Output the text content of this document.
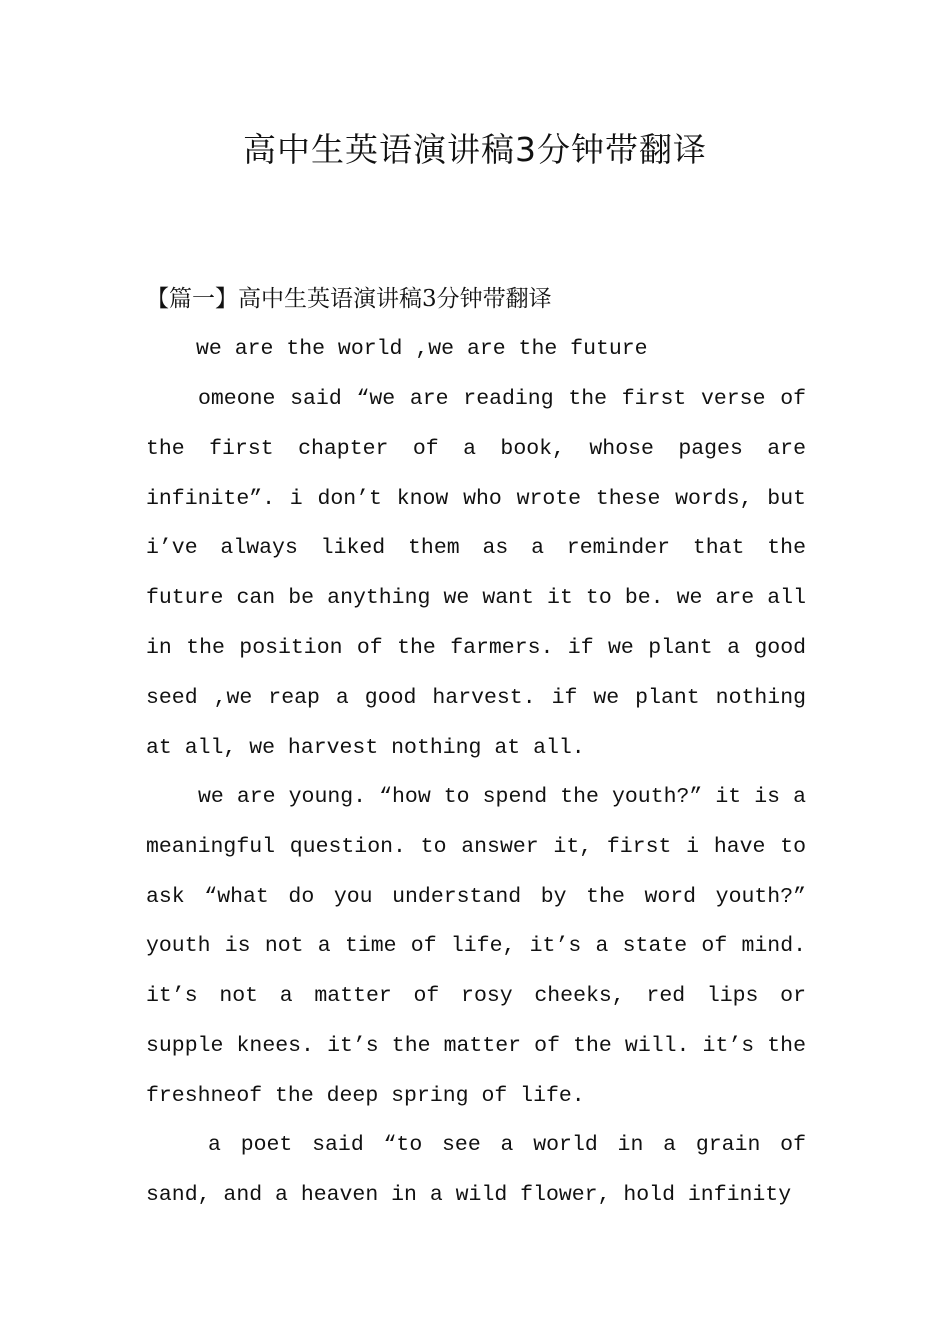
高中生英语演讲稿3分钟带翻译
【篇一】高中生英语演讲稿3分钟带翻译

we are the world ,we are the future

omeone said “we are reading the first verse of the first chapter of a book, whose pages are infinite”. i don’t know who wrote these words, but i’ve always liked them as a reminder that the future can be anything we want it to be. we are all in the position of the farmers. if we plant a good seed ,we reap a good harvest. if we plant nothing at all, we harvest nothing at all.

we are young. “how to spend the youth?” it is a meaningful question. to answer it, first i have to ask “what do you understand by the word youth?” youth is not a time of life, it’s a state of mind. it’s not a matter of rosy cheeks, red lips or supple knees. it’s the matter of the will. it’s the freshneof the deep spring of life.

a poet said “to see a world in a grain of sand, and a heaven in a wild flower, hold infinity
